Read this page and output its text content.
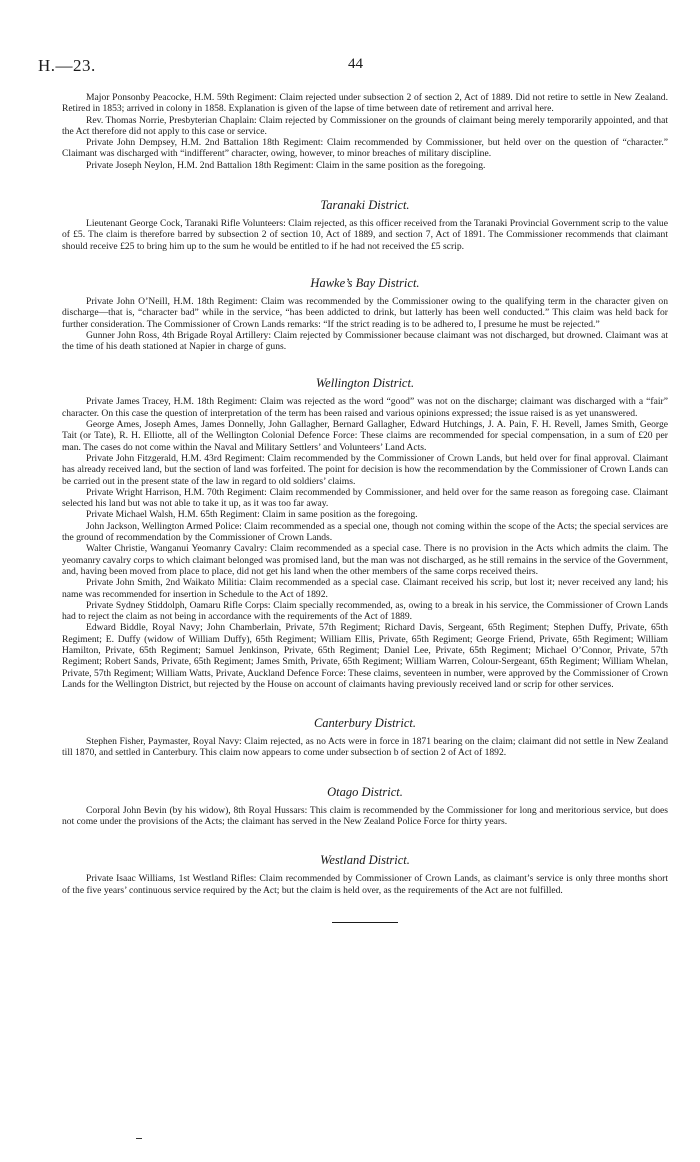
H.—23.	44

Major Ponsonby Peacocke, H.M. 59th Regiment: Claim rejected under subsection 2 of section 2, Act of 1889. Did not retire to settle in New Zealand. Retired in 1853; arrived in colony in 1858. Explanation is given of the lapse of time between date of retirement and arrival here.

Rev. Thomas Norrie, Presbyterian Chaplain: Claim rejected by Commissioner on the grounds of claimant being merely temporarily appointed, and that the Act therefore did not apply to this case or service.

Private John Dempsey, H.M. 2nd Battalion 18th Regiment: Claim recommended by Commissioner, but held over on the question of “character.” Claimant was discharged with “indifferent” character, owing, however, to minor breaches of military discipline.

Private Joseph Neylon, H.M. 2nd Battalion 18th Regiment: Claim in the same position as the foregoing.

Taranaki District.

Lieutenant George Cock, Taranaki Rifle Volunteers: Claim rejected, as this officer received from the Taranaki Provincial Government scrip to the value of £5. The claim is therefore barred by subsection 2 of section 10, Act of 1889, and section 7, Act of 1891. The Commissioner recommends that claimant should receive £25 to bring him up to the sum he would be entitled to if he had not received the £5 scrip.

Hawke’s Bay District.

Private John O’Neill, H.M. 18th Regiment: Claim was recommended by the Commissioner owing to the qualifying term in the character given on discharge—that is, “character bad” while in the service, “has been addicted to drink, but latterly has been well conducted.” This claim was held back for further consideration. The Commissioner of Crown Lands remarks: “If the strict reading is to be adhered to, I presume he must be rejected.”

Gunner John Ross, 4th Brigade Royal Artillery: Claim rejected by Commissioner because claimant was not discharged, but drowned. Claimant was at the time of his death stationed at Napier in charge of guns.

Wellington District.

Private James Tracey, H.M. 18th Regiment: Claim was rejected as the word “good” was not on the discharge; claimant was discharged with a “fair” character. On this case the question of interpretation of the term has been raised and various opinions expressed; the issue raised is as yet unanswered.

George Ames, Joseph Ames, James Donnelly, John Gallagher, Bernard Gallagher, Edward Hutchings, J. A. Pain, F. H. Revell, James Smith, George Tait (or Tate), R. H. Elliotte, all of the Wellington Colonial Defence Force: These claims are recommended for special compensation, in a sum of £20 per man. The cases do not come within the Naval and Military Settlers’ and Volunteers’ Land Acts.

Private John Fitzgerald, H.M. 43rd Regiment: Claim recommended by the Commissioner of Crown Lands, but held over for final approval. Claimant has already received land, but the section of land was forfeited. The point for decision is how the recommendation by the Commissioner of Crown Lands can be carried out in the present state of the law in regard to old soldiers’ claims.

Private Wright Harrison, H.M. 70th Regiment: Claim recommended by Commissioner, and held over for the same reason as foregoing case. Claimant selected his land but was not able to take it up, as it was too far away.

Private Michael Walsh, H.M. 65th Regiment: Claim in same position as the foregoing.

John Jackson, Wellington Armed Police: Claim recommended as a special one, though not coming within the scope of the Acts; the special services are the ground of recommendation by the Commissioner of Crown Lands.

Walter Christie, Wanganui Yeomanry Cavalry: Claim recommended as a special case. There is no provision in the Acts which admits the claim. The yeomanry cavalry corps to which claimant belonged was promised land, but the man was not discharged, as he still remains in the service of the Government, and, having been moved from place to place, did not get his land when the other members of the same corps received theirs.

Private John Smith, 2nd Waikato Militia: Claim recommended as a special case. Claimant received his scrip, but lost it; never received any land; his name was recommended for insertion in Schedule to the Act of 1892.

Private Sydney Stiddolph, Oamaru Rifle Corps: Claim specially recommended, as, owing to a break in his service, the Commissioner of Crown Lands had to reject the claim as not being in accordance with the requirements of the Act of 1889.

Edward Biddle, Royal Navy; John Chamberlain, Private, 57th Regiment; Richard Davis, Sergeant, 65th Regiment; Stephen Duffy, Private, 65th Regiment; E. Duffy (widow of William Duffy), 65th Regiment; William Ellis, Private, 65th Regiment; George Friend, Private, 65th Regiment; William Hamilton, Private, 65th Regiment; Samuel Jenkinson, Private, 65th Regiment; Daniel Lee, Private, 65th Regiment; Michael O’Connor, Private, 57th Regiment; Robert Sands, Private, 65th Regiment; James Smith, Private, 65th Regiment; William Warren, Colour-Sergeant, 65th Regiment; William Whelan, Private, 57th Regiment; William Watts, Private, Auckland Defence Force: These claims, seventeen in number, were approved by the Commissioner of Crown Lands for the Wellington District, but rejected by the House on account of claimants having previously received land or scrip for other services.

Canterbury District.

Stephen Fisher, Paymaster, Royal Navy: Claim rejected, as no Acts were in force in 1871 bearing on the claim; claimant did not settle in New Zealand till 1870, and settled in Canterbury. This claim now appears to come under subsection b of section 2 of Act of 1892.

Otago District.

Corporal John Bevin (by his widow), 8th Royal Hussars: This claim is recommended by the Commissioner for long and meritorious service, but does not come under the provisions of the Acts; the claimant has served in the New Zealand Police Force for thirty years.

Westland District.

Private Isaac Williams, 1st Westland Rifles: Claim recommended by Commissioner of Crown Lands, as claimant’s service is only three months short of the five years’ continuous service required by the Act; but the claim is held over, as the requirements of the Act are not fulfilled.
